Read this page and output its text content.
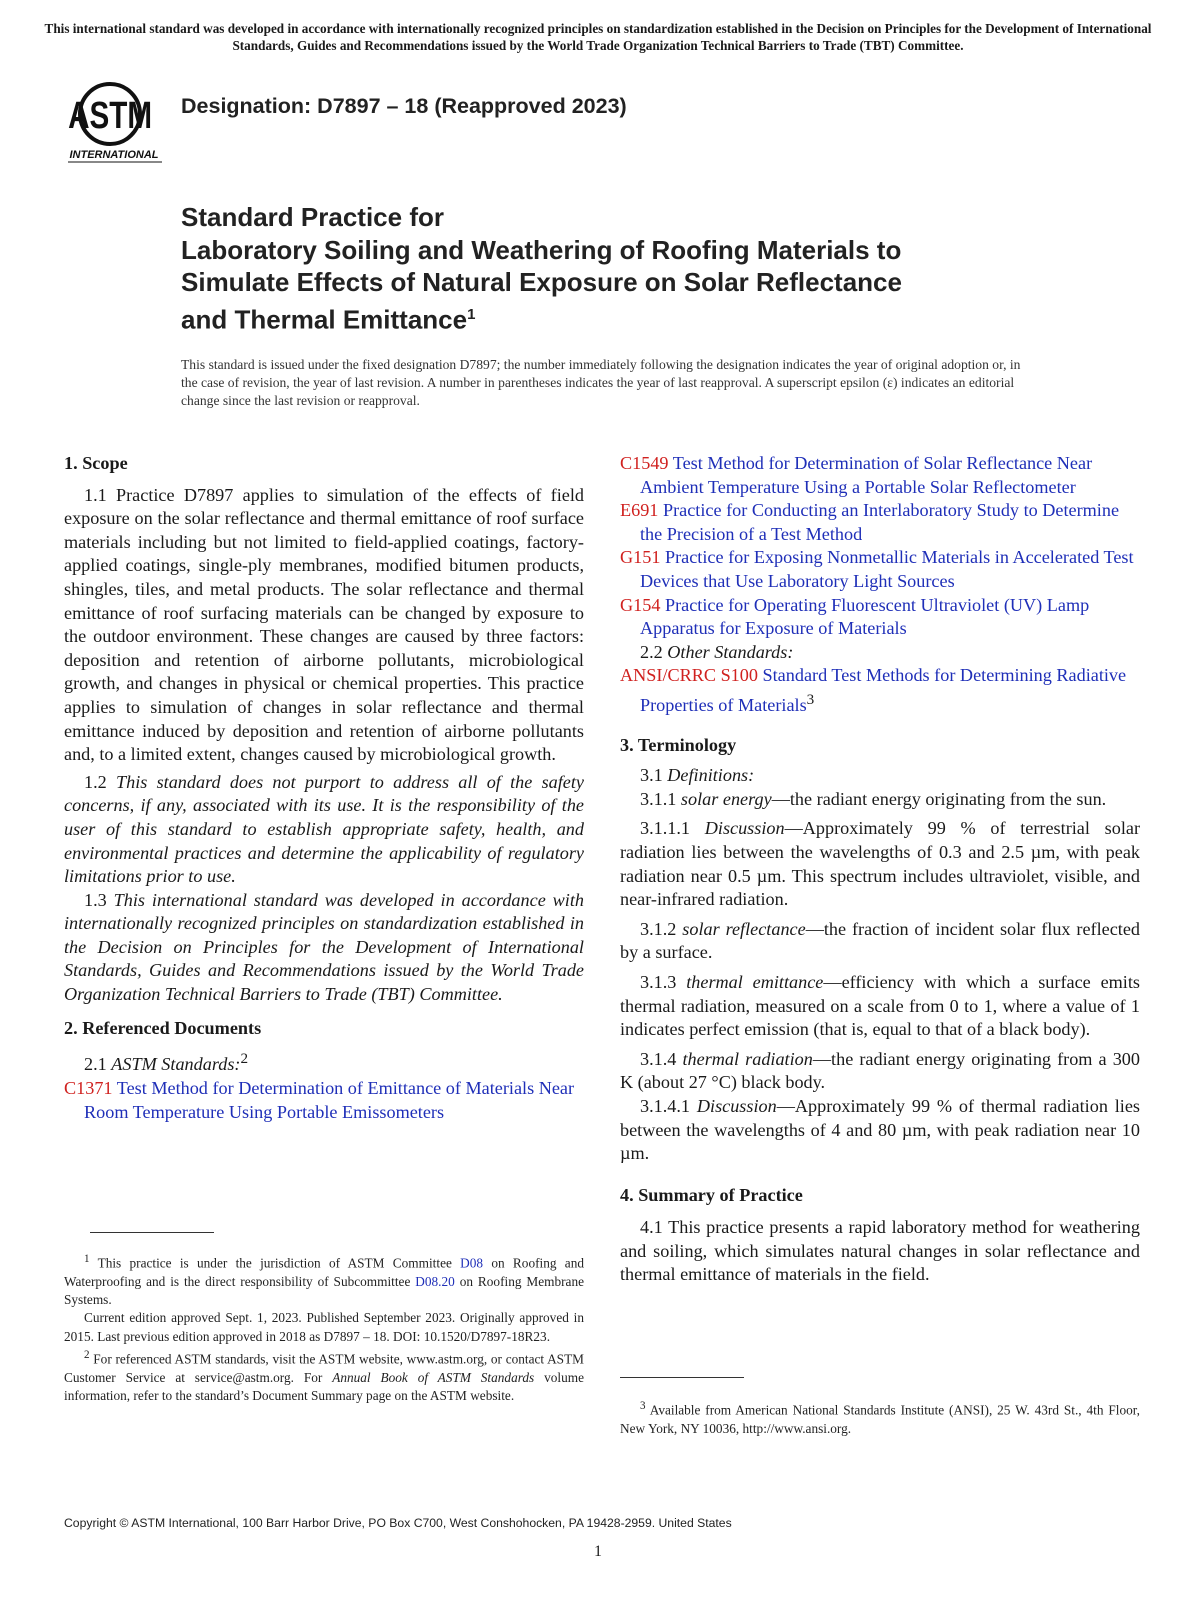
This international standard was developed in accordance with internationally recognized principles on standardization established in the Decision on Principles for the Development of International Standards, Guides and Recommendations issued by the World Trade Organization Technical Barriers to Trade (TBT) Committee.
ASTM
INTERNATIONAL
Designation: D7897 – 18 (Reapproved 2023)
Standard Practice for
Laboratory Soiling and Weathering of Roofing Materials to
Simulate Effects of Natural Exposure on Solar Reflectance
and Thermal Emittance$^1$
This standard is issued under the fixed designation D7897; the number immediately following the designation indicates the year of original adoption or, in the case of revision, the year of last revision. A number in parentheses indicates the year of last reapproval. A superscript epsilon (ε) indicates an editorial change since the last revision or reapproval.

1. Scope

1.1 Practice D7897 applies to simulation of the effects of field exposure on the solar reflectance and thermal emittance of roof surface materials including but not limited to field-applied coatings, factory-applied coatings, single-ply membranes, modified bitumen products, shingles, tiles, and metal products. The solar reflectance and thermal emittance of roof surfacing materials can be changed by exposure to the outdoor environment. These changes are caused by three factors: deposition and retention of airborne pollutants, microbiological growth, and changes in physical or chemical properties. This practice applies to simulation of changes in solar reflectance and thermal emittance induced by deposition and retention of airborne pollutants and, to a limited extent, changes caused by microbiological growth.

1.2 This standard does not purport to address all of the safety concerns, if any, associated with its use. It is the responsibility of the user of this standard to establish appropriate safety, health, and environmental practices and determine the applicability of regulatory limitations prior to use.

1.3 This international standard was developed in accordance with internationally recognized principles on standardization established in the Decision on Principles for the Development of International Standards, Guides and Recommendations issued by the World Trade Organization Technical Barriers to Trade (TBT) Committee.

2. Referenced Documents

2.1 ASTM Standards:$^2$

C1371 Test Method for Determination of Emittance of Materials Near Room Temperature Using Portable Emissometers

$^1$ This practice is under the jurisdiction of ASTM Committee D08 on Roofing and Waterproofing and is the direct responsibility of Subcommittee D08.20 on Roofing Membrane Systems.

Current edition approved Sept. 1, 2023. Published September 2023. Originally approved in 2015. Last previous edition approved in 2018 as D7897 – 18. DOI: 10.1520/D7897-18R23.

$^2$ For referenced ASTM standards, visit the ASTM website, www.astm.org, or contact ASTM Customer Service at service@astm.org. For Annual Book of ASTM Standards volume information, refer to the standard’s Document Summary page on the ASTM website.

C1549 Test Method for Determination of Solar Reflectance Near Ambient Temperature Using a Portable Solar Reflectometer

E691 Practice for Conducting an Interlaboratory Study to Determine the Precision of a Test Method

G151 Practice for Exposing Nonmetallic Materials in Accelerated Test Devices that Use Laboratory Light Sources

G154 Practice for Operating Fluorescent Ultraviolet (UV) Lamp Apparatus for Exposure of Materials

2.2 Other Standards:

ANSI/CRRC S100 Standard Test Methods for Determining Radiative Properties of Materials$^3$

3. Terminology

3.1 Definitions:

3.1.1 solar energy—the radiant energy originating from the sun.

3.1.1.1 Discussion—Approximately 99 % of terrestrial solar radiation lies between the wavelengths of 0.3 and 2.5 µm, with peak radiation near 0.5 µm. This spectrum includes ultraviolet, visible, and near-infrared radiation.

3.1.2 solar reflectance—the fraction of incident solar flux reflected by a surface.

3.1.3 thermal emittance—efficiency with which a surface emits thermal radiation, measured on a scale from 0 to 1, where a value of 1 indicates perfect emission (that is, equal to that of a black body).

3.1.4 thermal radiation—the radiant energy originating from a 300 K (about 27 °C) black body.

3.1.4.1 Discussion—Approximately 99 % of thermal radiation lies between the wavelengths of 4 and 80 µm, with peak radiation near 10 µm.

4. Summary of Practice

4.1 This practice presents a rapid laboratory method for weathering and soiling, which simulates natural changes in solar reflectance and thermal emittance of materials in the field.

$^3$ Available from American National Standards Institute (ANSI), 25 W. 43rd St., 4th Floor, New York, NY 10036, http://www.ansi.org.

Copyright © ASTM International, 100 Barr Harbor Drive, PO Box C700, West Conshohocken, PA 19428-2959. United States
1
